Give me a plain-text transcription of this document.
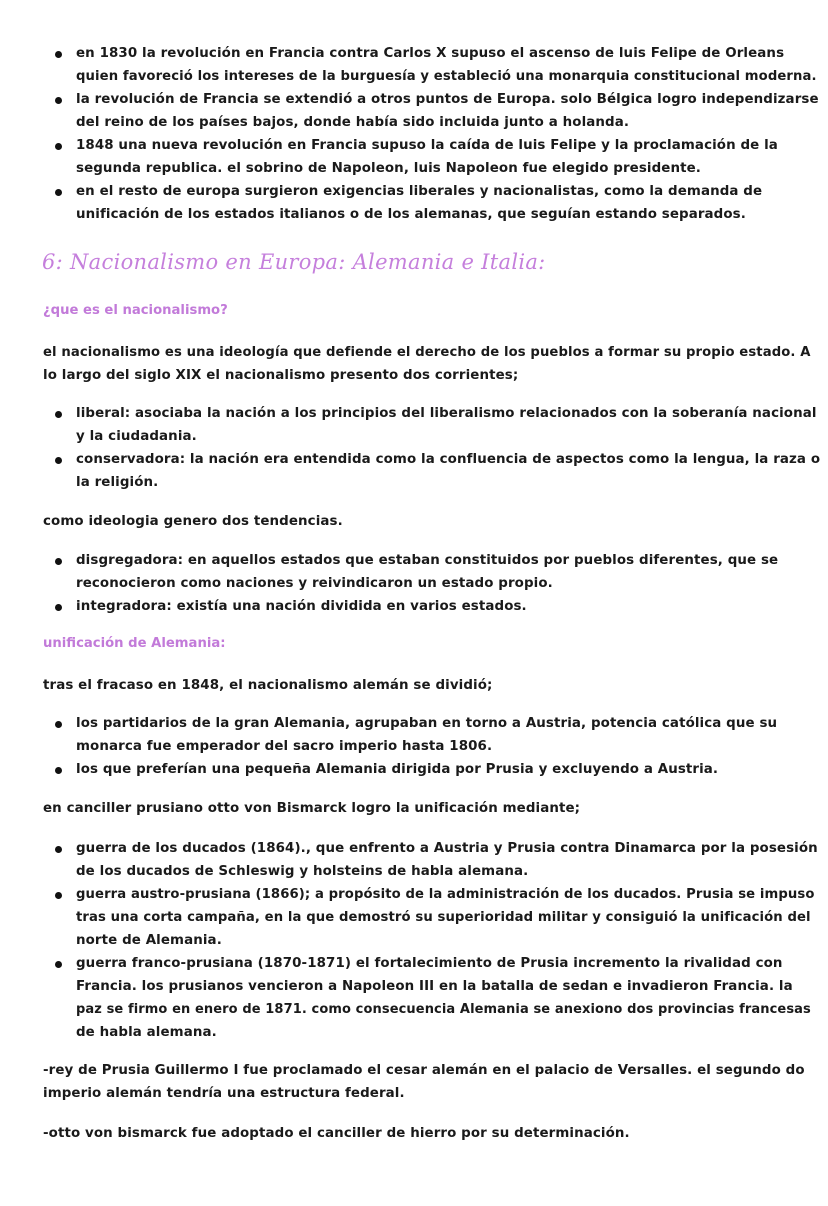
en 1830 la revolución en Francia contra Carlos X supuso el ascenso de luis Felipe de Orleans
quien favoreció los intereses de la burguesía y estableció una monarquia constitucional moderna.
la revolución de Francia se extendió a otros puntos de Europa. solo Bélgica logro independizarse
del reino de los países bajos, donde había sido incluida junto a holanda.
1848 una nueva revolución en Francia supuso la caída de luis Felipe y la proclamación de la
segunda republica. el sobrino de Napoleon, luis Napoleon fue elegido presidente.
en el resto de europa surgieron exigencias liberales y nacionalistas, como la demanda de
unificación de los estados italianos o de los alemanas, que seguían estando separados.
6: Nacionalismo en Europa: Alemania e Italia:
¿que es el nacionalismo?
el nacionalismo es una ideología que defiende el derecho de los pueblos a formar su propio estado. A
lo largo del siglo XIX el nacionalismo presento dos corrientes;
liberal: asociaba la nación a los principios del liberalismo relacionados con la soberanía nacional
y la ciudadania.
conservadora: la nación era entendida como la confluencia de aspectos como la lengua, la raza o
la religión.
como ideologia genero dos tendencias.
disgregadora: en aquellos estados que estaban constituidos por pueblos diferentes, que se
reconocieron como naciones y reivindicaron un estado propio.
integradora: existía una nación dividida en varios estados.
unificación de Alemania:
tras el fracaso en 1848, el nacionalismo alemán se dividió;
los partidarios de la gran Alemania, agrupaban en torno a Austria, potencia católica que su
monarca fue emperador del sacro imperio hasta 1806.
los que preferían una pequeña Alemania dirigida por Prusia y excluyendo a Austria.
en canciller prusiano otto von Bismarck logro la unificación mediante;
guerra de los ducados (1864)., que enfrento a Austria y Prusia contra Dinamarca por la posesión
de los ducados de Schleswig y holsteins de habla alemana.
guerra austro-prusiana (1866); a propósito de la administración de los ducados. Prusia se impuso
tras una corta campaña, en la que demostró su superioridad militar y consiguió la unificación del
norte de Alemania.
guerra franco-prusiana (1870-1871) el fortalecimiento de Prusia incremento la rivalidad con
Francia. los prusianos vencieron a Napoleon III en la batalla de sedan e invadieron Francia. la
paz se firmo en enero de 1871. como consecuencia Alemania se anexiono dos provincias francesas
de habla alemana.
-rey de Prusia Guillermo I fue proclamado el cesar alemán en el palacio de Versalles. el segundo do
imperio alemán tendría una estructura federal.
-otto von bismarck fue adoptado el canciller de hierro por su determinación.
